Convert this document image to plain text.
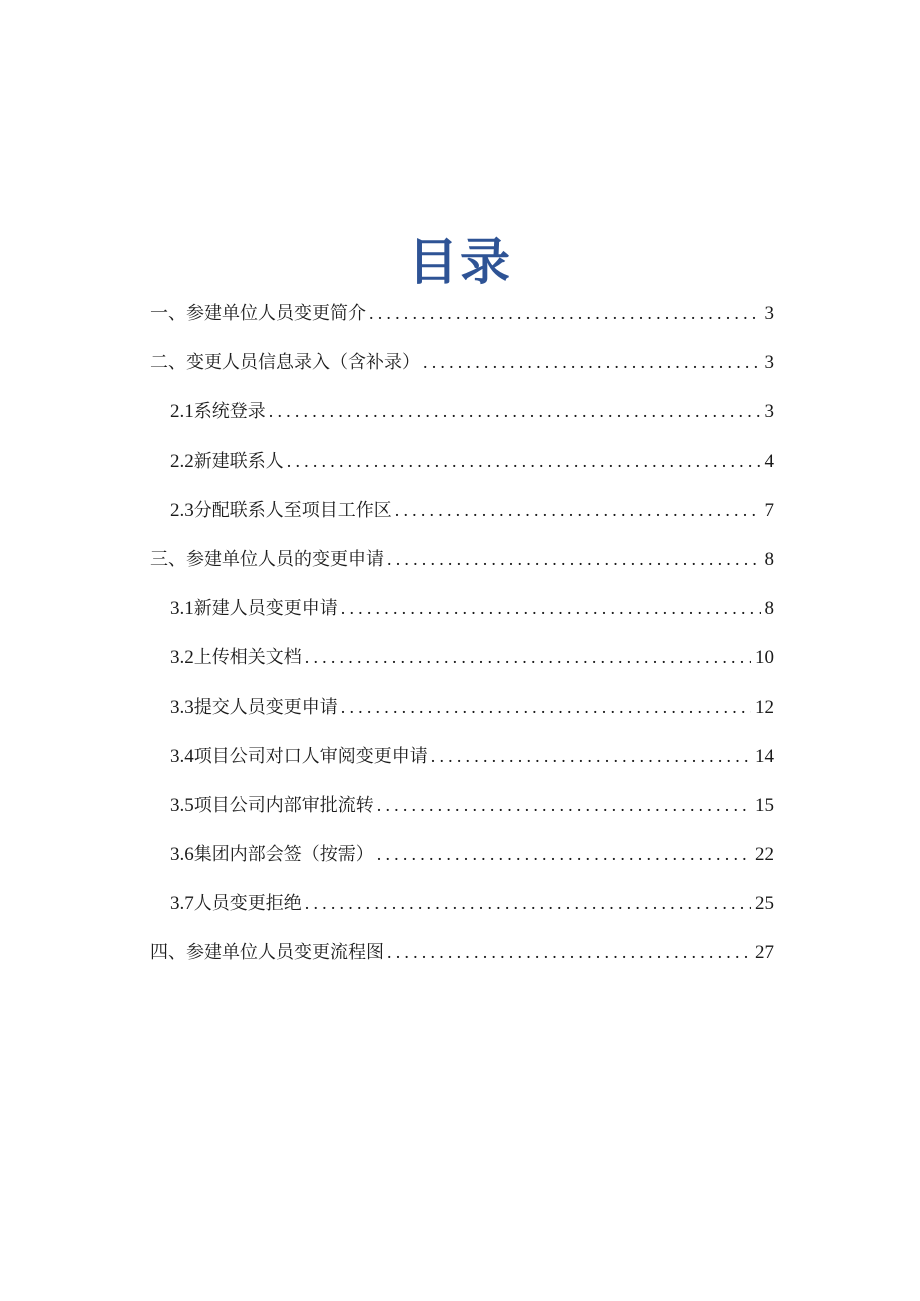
目录
一、参建单位人员变更简介 .....	3
二、变更人员信息录入（含补录） .....	3
2.1 系统登录 .....	3
2.2 新建联系人 .....	4
2.3 分配联系人至项目工作区 .....	7
三、参建单位人员的变更申请 .....	8
3.1 新建人员变更申请 .....	8
3.2 上传相关文档 .....	10
3.3 提交人员变更申请 .....	12
3.4 项目公司对口人审阅变更申请 .....	14
3.5 项目公司内部审批流转 .....	15
3.6 集团内部会签（按需） .....	22
3.7 人员变更拒绝 .....	25
四、参建单位人员变更流程图 .....	27
